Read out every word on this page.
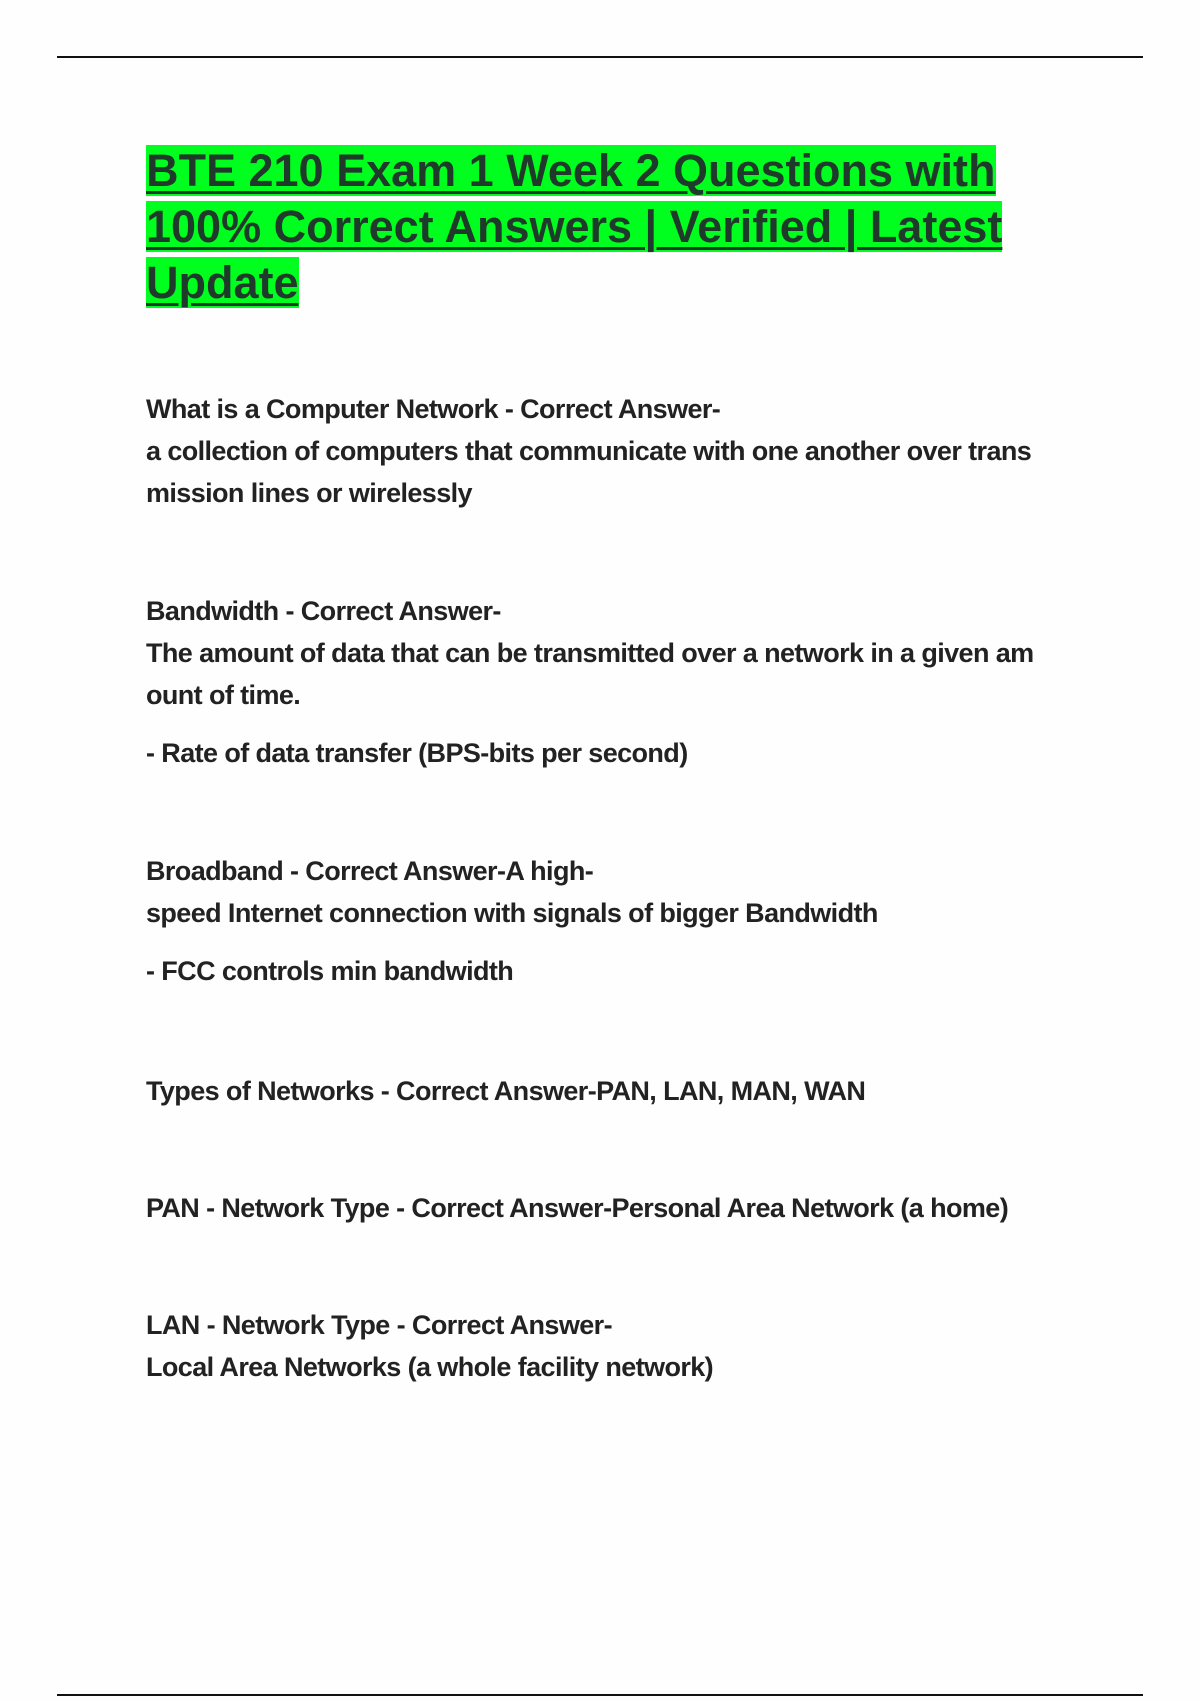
BTE 210 Exam 1 Week 2 Questions with 100% Correct Answers | Verified | Latest Update

What is a Computer Network - Correct Answer-

a collection of computers that communicate with one another over trans

mission lines or wirelessly

Bandwidth - Correct Answer-

The amount of data that can be transmitted over a network in a given am

ount of time.

- Rate of data transfer (BPS-bits per second)

Broadband - Correct Answer-A high-

speed Internet connection with signals of bigger Bandwidth

- FCC controls min bandwidth

Types of Networks - Correct Answer-PAN, LAN, MAN, WAN

PAN - Network Type - Correct Answer-Personal Area Network (a home)

LAN - Network Type - Correct Answer-

Local Area Networks (a whole facility network)
